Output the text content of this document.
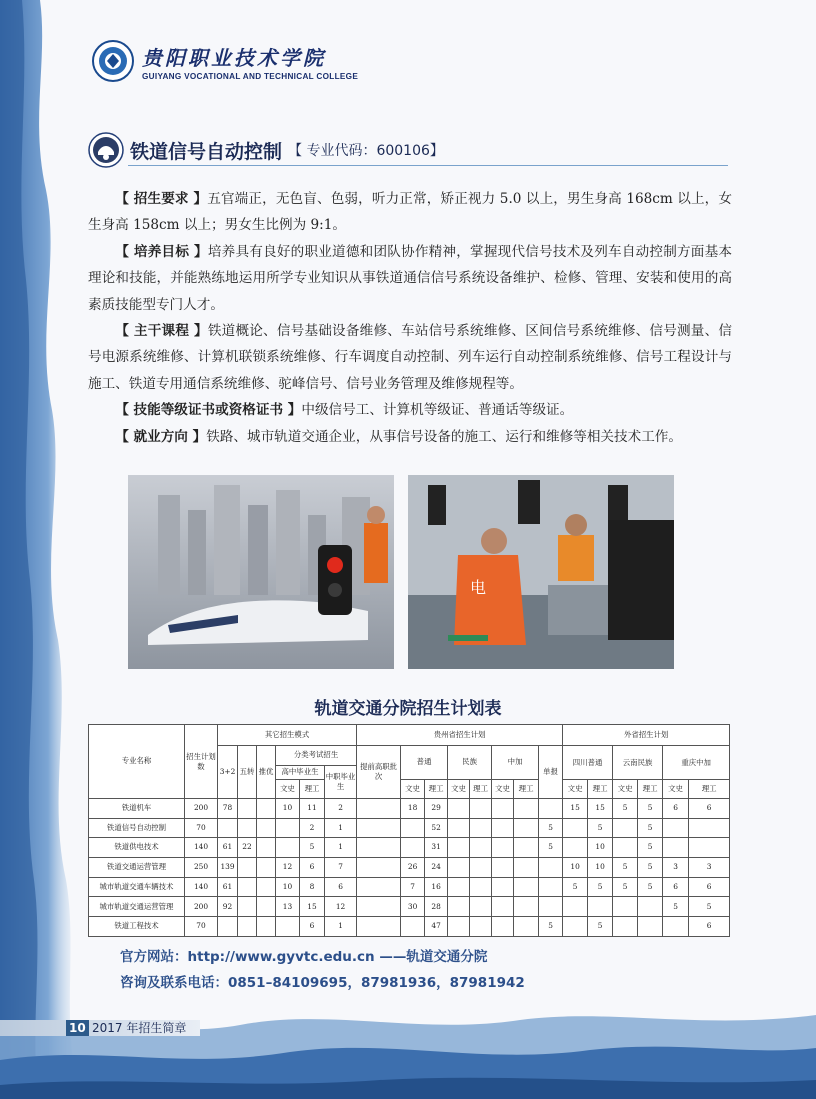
贵阳职业技术学院
GUIYANG VOCATIONAL AND TECHNICAL COLLEGE
铁道信号自动控制 【 专业代码：600106】

【 招生要求 】五官端正，无色盲、色弱，听力正常，矫正视力 5.0 以上，男生身高 168cm 以上，女生身高 158cm 以上；男女生比例为 9:1。

【 培养目标 】培养具有良好的职业道德和团队协作精神，掌握现代信号技术及列车自动控制方面基本理论和技能，并能熟练地运用所学专业知识从事铁道通信信号系统设备维护、检修、管理、安装和使用的高素质技能型专门人才。

【 主干课程 】铁道概论、信号基础设备维修、车站信号系统维修、区间信号系统维修、信号测量、信号电源系统维修、计算机联锁系统维修、行车调度自动控制、列车运行自动控制系统维修、信号工程设计与施工、铁道专用通信系统维修、驼峰信号、信号业务管理及维修规程等。

【 技能等级证书或资格证书 】中级信号工、计算机等级证、普通话等级证。

【 就业方向 】铁路、城市轨道交通企业，从事信号设备的施工、运行和维修等相关技术工作。

电
轨道交通分院招生计划表
专业名称	招生计划数	其它招生模式						贵州省招生计划								外省招生计划					
		3+2	五转	推优	分类考试招生			提前高职批次	普通		民族		中加		单报	四川普通		云南民族		重庆中加	
					高中毕业生		中职毕业生														
					文史	理工			文史	理工	文史	理工	文史	理工		文史	理工	文史	理工	文史	理工
铁道机车	200	78			10	11	2		18	29						15	15	5	5	6	6
铁道信号自动控制	70					2	1			52					5		5		5		
铁道供电技术	140	61	22			5	1			31					5		10		5		
铁道交通运营管理	250	139			12	6	7		26	24						10	10	5	5	3	3
城市轨道交通车辆技术	140	61			10	8	6		7	16						5	5	5	5	6	6
城市轨道交通运营管理	200	92			13	15	12		30	28										5	5
铁道工程技术	70					6	1			47					5		5				6
官方网站：http://www.gyvtc.edu.cn ——轨道交通分院
咨询及联系电话：0851–84109695，87981936，87981942
10 2017 年招生简章
